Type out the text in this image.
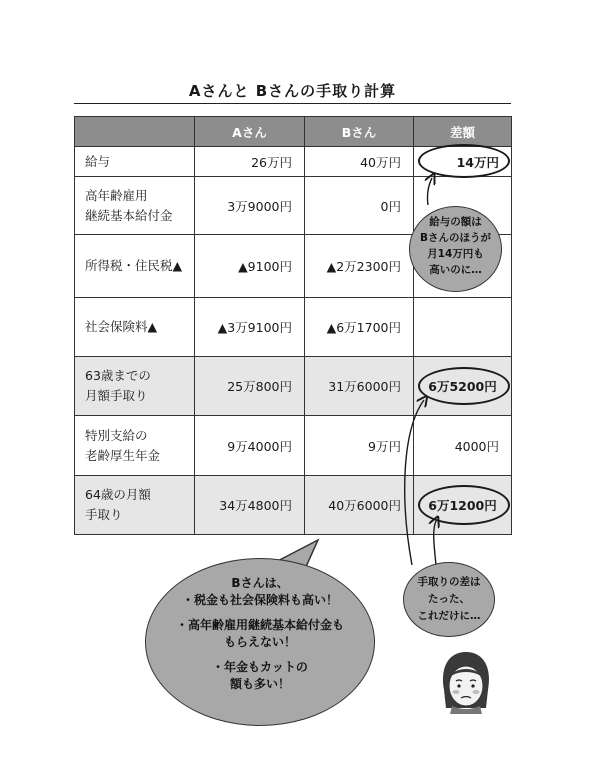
Aさんと Bさんの手取り計算
	Aさん	Bさん	差額
給与	26万円	40万円	14万円
高年齢雇用
継続基本給付金	3万9000円	0円	
所得税・住民税▲	▲9100円	▲2万2300円	
社会保険料▲	▲3万9100円	▲6万1700円	
63歳までの
月額手取り	25万800円	31万6000円	6万5200円
特別支給の
老齢厚生年金	9万4000円	9万円	4000円
64歳の月額
手取り	34万4800円	40万6000円	6万1200円
給与の額は
Bさんのほうが
月14万円も
高いのに…
手取りの差は
たった、
これだけに…
Bさんは、
・税金も社会保険料も高い！
・高年齢雇用継続基本給付金も
もらえない！
・年金もカットの
額も多い！
